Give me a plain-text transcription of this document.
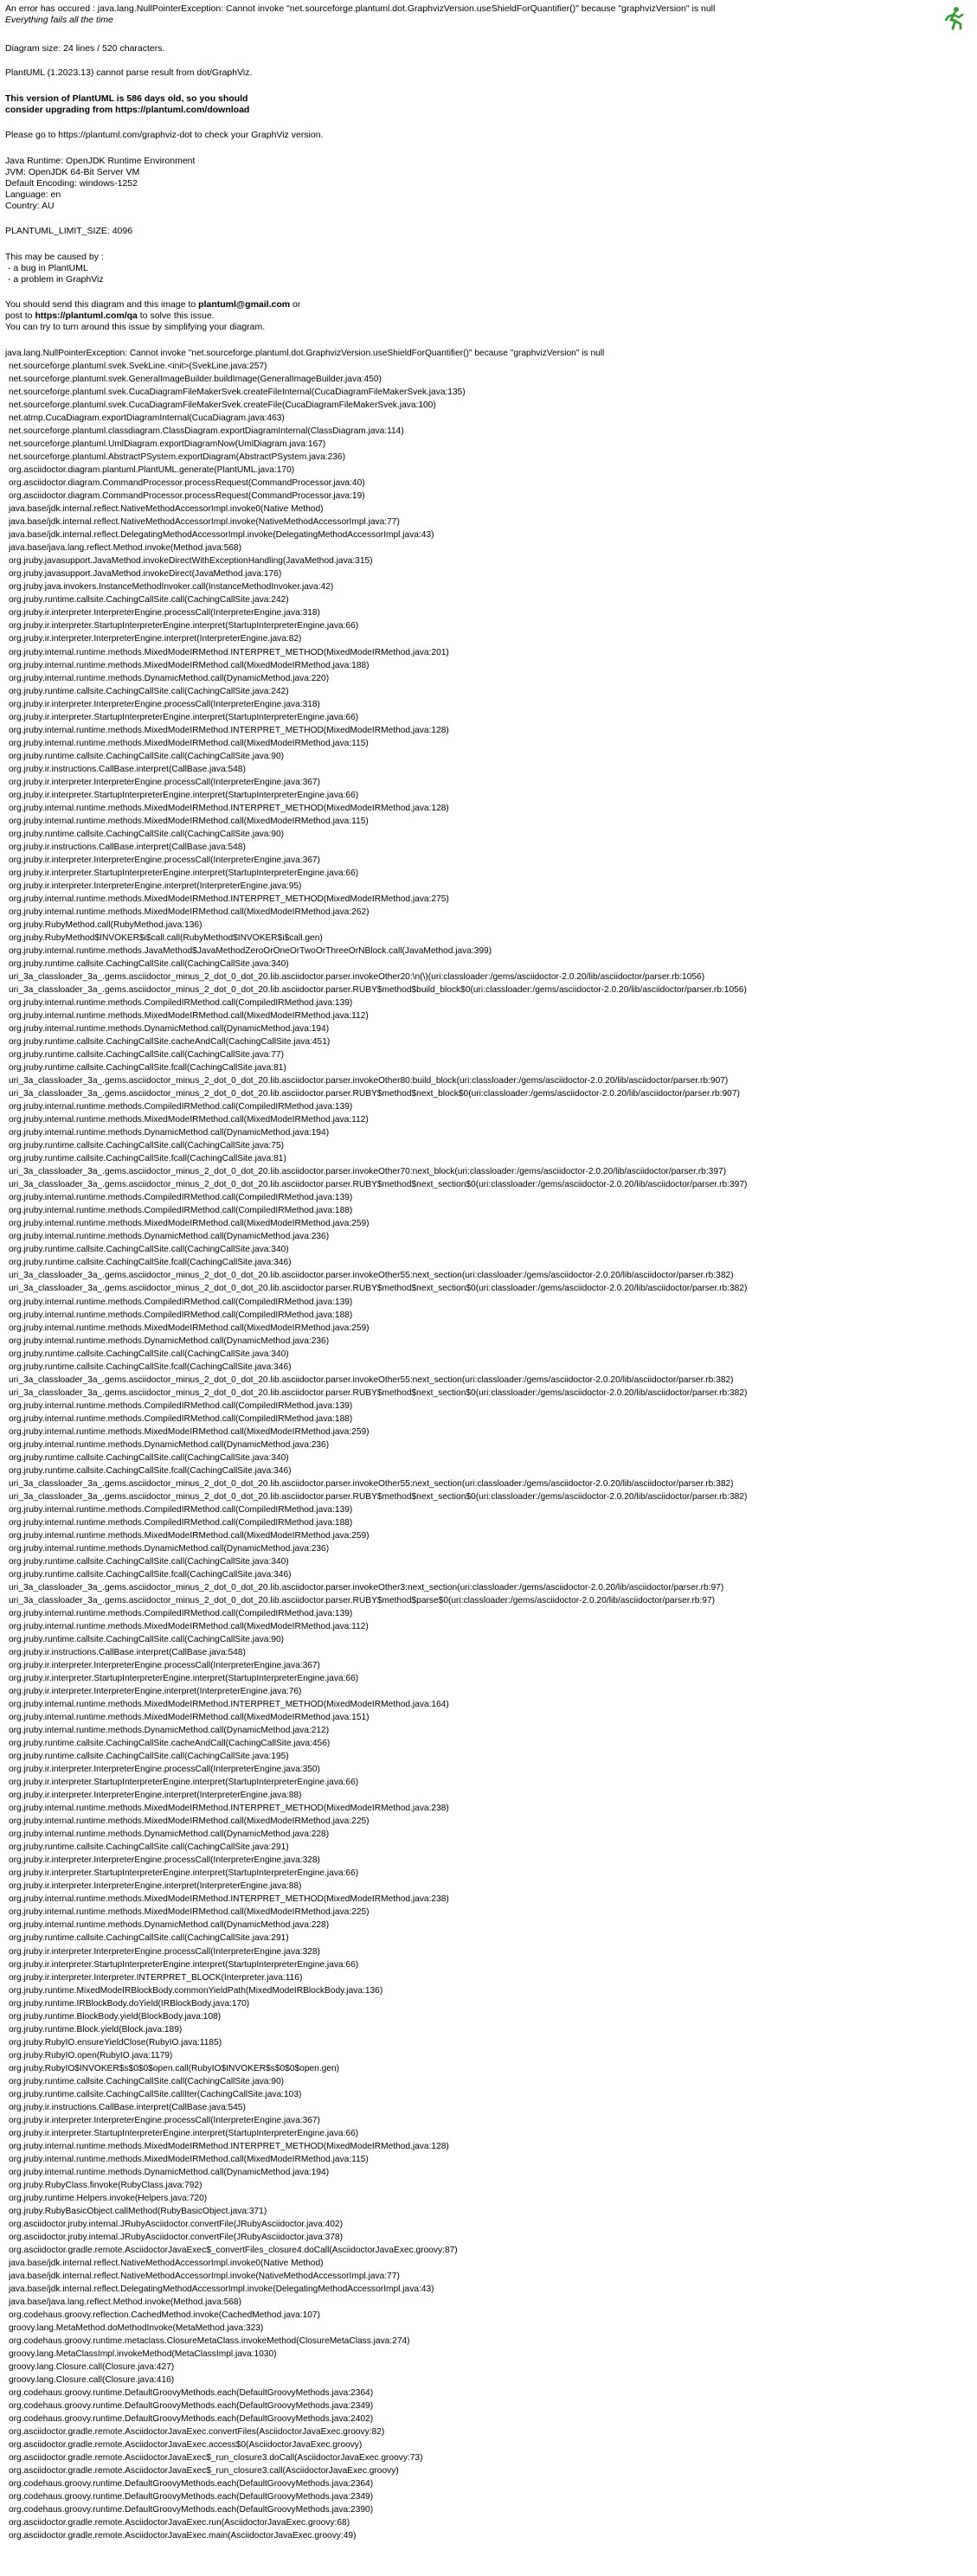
An error has occured : java.lang.NullPointerException: Cannot invoke "net.sourceforge.plantuml.dot.GraphvizVersion.useShieldForQuantifier()" because "graphvizVersion" is null
Everything fails all the time
Diagram size: 24 lines / 520 characters.
PlantUML (1.2023.13) cannot parse result from dot/GraphViz.
This version of PlantUML is 586 days old, so you should
consider upgrading from https://plantuml.com/download
Please go to https://plantuml.com/graphviz-dot to check your GraphViz version.
Java Runtime: OpenJDK Runtime Environment
JVM: OpenJDK 64-Bit Server VM
Default Encoding: windows-1252
Language: en
Country: AU
PLANTUML_LIMIT_SIZE: 4096
This may be caused by :
- a bug in PlantUML
- a problem in GraphViz
You should send this diagram and this image to plantuml@gmail.com or
post to https://plantuml.com/qa to solve this issue.
You can try to turn around this issue by simplifying your diagram.
java.lang.NullPointerException: Cannot invoke "net.sourceforge.plantuml.dot.GraphvizVersion.useShieldForQuantifier()" because "graphvizVersion" is null
net.sourceforge.plantuml.svek.SvekLine.<init>(SvekLine.java:257)
net.sourceforge.plantuml.svek.GeneralImageBuilder.buildImage(GeneralImageBuilder.java:450)
net.sourceforge.plantuml.svek.CucaDiagramFileMakerSvek.createFileInternal(CucaDiagramFileMakerSvek.java:135)
net.sourceforge.plantuml.svek.CucaDiagramFileMakerSvek.createFile(CucaDiagramFileMakerSvek.java:100)
net.atmp.CucaDiagram.exportDiagramInternal(CucaDiagram.java:463)
net.sourceforge.plantuml.classdiagram.ClassDiagram.exportDiagramInternal(ClassDiagram.java:114)
net.sourceforge.plantuml.UmlDiagram.exportDiagramNow(UmlDiagram.java:167)
net.sourceforge.plantuml.AbstractPSystem.exportDiagram(AbstractPSystem.java:236)
org.asciidoctor.diagram.plantuml.PlantUML.generate(PlantUML.java:170)
org.asciidoctor.diagram.CommandProcessor.processRequest(CommandProcessor.java:40)
org.asciidoctor.diagram.CommandProcessor.processRequest(CommandProcessor.java:19)
java.base/jdk.internal.reflect.NativeMethodAccessorImpl.invoke0(Native Method)
java.base/jdk.internal.reflect.NativeMethodAccessorImpl.invoke(NativeMethodAccessorImpl.java:77)
java.base/jdk.internal.reflect.DelegatingMethodAccessorImpl.invoke(DelegatingMethodAccessorImpl.java:43)
java.base/java.lang.reflect.Method.invoke(Method.java:568)
org.jruby.javasupport.JavaMethod.invokeDirectWithExceptionHandling(JavaMethod.java:315)
org.jruby.javasupport.JavaMethod.invokeDirect(JavaMethod.java:176)
org.jruby.java.invokers.InstanceMethodInvoker.call(InstanceMethodInvoker.java:42)
org.jruby.runtime.callsite.CachingCallSite.call(CachingCallSite.java:242)
org.jruby.ir.interpreter.InterpreterEngine.processCall(InterpreterEngine.java:318)
org.jruby.ir.interpreter.StartupInterpreterEngine.interpret(StartupInterpreterEngine.java:66)
org.jruby.ir.interpreter.InterpreterEngine.interpret(InterpreterEngine.java:82)
org.jruby.internal.runtime.methods.MixedModeIRMethod.INTERPRET_METHOD(MixedModeIRMethod.java:201)
org.jruby.internal.runtime.methods.MixedModeIRMethod.call(MixedModeIRMethod.java:188)
org.jruby.internal.runtime.methods.DynamicMethod.call(DynamicMethod.java:220)
org.jruby.runtime.callsite.CachingCallSite.call(CachingCallSite.java:242)
org.jruby.ir.interpreter.InterpreterEngine.processCall(InterpreterEngine.java:318)
org.jruby.ir.interpreter.StartupInterpreterEngine.interpret(StartupInterpreterEngine.java:66)
org.jruby.internal.runtime.methods.MixedModeIRMethod.INTERPRET_METHOD(MixedModeIRMethod.java:128)
org.jruby.internal.runtime.methods.MixedModeIRMethod.call(MixedModeIRMethod.java:115)
org.jruby.runtime.callsite.CachingCallSite.call(CachingCallSite.java:90)
org.jruby.ir.instructions.CallBase.interpret(CallBase.java:548)
org.jruby.ir.interpreter.InterpreterEngine.processCall(InterpreterEngine.java:367)
org.jruby.ir.interpreter.StartupInterpreterEngine.interpret(StartupInterpreterEngine.java:66)
org.jruby.internal.runtime.methods.MixedModeIRMethod.INTERPRET_METHOD(MixedModeIRMethod.java:128)
org.jruby.internal.runtime.methods.MixedModeIRMethod.call(MixedModeIRMethod.java:115)
org.jruby.runtime.callsite.CachingCallSite.call(CachingCallSite.java:90)
org.jruby.ir.instructions.CallBase.interpret(CallBase.java:548)
org.jruby.ir.interpreter.InterpreterEngine.processCall(InterpreterEngine.java:367)
org.jruby.ir.interpreter.StartupInterpreterEngine.interpret(StartupInterpreterEngine.java:66)
org.jruby.ir.interpreter.InterpreterEngine.interpret(InterpreterEngine.java:95)
org.jruby.internal.runtime.methods.MixedModeIRMethod.INTERPRET_METHOD(MixedModeIRMethod.java:275)
org.jruby.internal.runtime.methods.MixedModeIRMethod.call(MixedModeIRMethod.java:262)
org.jruby.RubyMethod.call(RubyMethod.java:136)
org.jruby.RubyMethod$INVOKER$i$call.call(RubyMethod$INVOKER$i$call.gen)
org.jruby.internal.runtime.methods.JavaMethod$JavaMethodZeroOrOneOrTwoOrThreeOrNBlock.call(JavaMethod.java:399)
org.jruby.runtime.callsite.CachingCallSite.call(CachingCallSite.java:340)
uri_3a_classloader_3a_.gems.asciidoctor_minus_2_dot_0_dot_20.lib.asciidoctor.parser.invokeOther20:\n(\)(uri:classloader:/gems/asciidoctor-2.0.20/lib/asciidoctor/parser.rb:1056)
uri_3a_classloader_3a_.gems.asciidoctor_minus_2_dot_0_dot_20.lib.asciidoctor.parser.RUBY$method$build_block$0(uri:classloader:/gems/asciidoctor-2.0.20/lib/asciidoctor/parser.rb:1056)
org.jruby.internal.runtime.methods.CompiledIRMethod.call(CompiledIRMethod.java:139)
org.jruby.internal.runtime.methods.MixedModeIRMethod.call(MixedModeIRMethod.java:112)
org.jruby.internal.runtime.methods.DynamicMethod.call(DynamicMethod.java:194)
org.jruby.runtime.callsite.CachingCallSite.cacheAndCall(CachingCallSite.java:451)
org.jruby.runtime.callsite.CachingCallSite.call(CachingCallSite.java:77)
org.jruby.runtime.callsite.CachingCallSite.fcall(CachingCallSite.java:81)
uri_3a_classloader_3a_.gems.asciidoctor_minus_2_dot_0_dot_20.lib.asciidoctor.parser.invokeOther80:build_block(uri:classloader:/gems/asciidoctor-2.0.20/lib/asciidoctor/parser.rb:907)
uri_3a_classloader_3a_.gems.asciidoctor_minus_2_dot_0_dot_20.lib.asciidoctor.parser.RUBY$method$next_block$0(uri:classloader:/gems/asciidoctor-2.0.20/lib/asciidoctor/parser.rb:907)
org.jruby.internal.runtime.methods.CompiledIRMethod.call(CompiledIRMethod.java:139)
org.jruby.internal.runtime.methods.MixedModeIRMethod.call(MixedModeIRMethod.java:112)
org.jruby.internal.runtime.methods.DynamicMethod.call(DynamicMethod.java:194)
org.jruby.runtime.callsite.CachingCallSite.call(CachingCallSite.java:75)
org.jruby.runtime.callsite.CachingCallSite.fcall(CachingCallSite.java:81)
uri_3a_classloader_3a_.gems.asciidoctor_minus_2_dot_0_dot_20.lib.asciidoctor.parser.invokeOther70:next_block(uri:classloader:/gems/asciidoctor-2.0.20/lib/asciidoctor/parser.rb:397)
uri_3a_classloader_3a_.gems.asciidoctor_minus_2_dot_0_dot_20.lib.asciidoctor.parser.RUBY$method$next_section$0(uri:classloader:/gems/asciidoctor-2.0.20/lib/asciidoctor/parser.rb:397)
org.jruby.internal.runtime.methods.CompiledIRMethod.call(CompiledIRMethod.java:139)
org.jruby.internal.runtime.methods.CompiledIRMethod.call(CompiledIRMethod.java:188)
org.jruby.internal.runtime.methods.MixedModeIRMethod.call(MixedModeIRMethod.java:259)
org.jruby.internal.runtime.methods.DynamicMethod.call(DynamicMethod.java:236)
org.jruby.runtime.callsite.CachingCallSite.call(CachingCallSite.java:340)
org.jruby.runtime.callsite.CachingCallSite.fcall(CachingCallSite.java:346)
uri_3a_classloader_3a_.gems.asciidoctor_minus_2_dot_0_dot_20.lib.asciidoctor.parser.invokeOther55:next_section(uri:classloader:/gems/asciidoctor-2.0.20/lib/asciidoctor/parser.rb:382)
uri_3a_classloader_3a_.gems.asciidoctor_minus_2_dot_0_dot_20.lib.asciidoctor.parser.RUBY$method$next_section$0(uri:classloader:/gems/asciidoctor-2.0.20/lib/asciidoctor/parser.rb:382)
org.jruby.internal.runtime.methods.CompiledIRMethod.call(CompiledIRMethod.java:139)
org.jruby.internal.runtime.methods.CompiledIRMethod.call(CompiledIRMethod.java:188)
org.jruby.internal.runtime.methods.MixedModeIRMethod.call(MixedModeIRMethod.java:259)
org.jruby.internal.runtime.methods.DynamicMethod.call(DynamicMethod.java:236)
org.jruby.runtime.callsite.CachingCallSite.call(CachingCallSite.java:340)
org.jruby.runtime.callsite.CachingCallSite.fcall(CachingCallSite.java:346)
uri_3a_classloader_3a_.gems.asciidoctor_minus_2_dot_0_dot_20.lib.asciidoctor.parser.invokeOther55:next_section(uri:classloader:/gems/asciidoctor-2.0.20/lib/asciidoctor/parser.rb:382)
uri_3a_classloader_3a_.gems.asciidoctor_minus_2_dot_0_dot_20.lib.asciidoctor.parser.RUBY$method$next_section$0(uri:classloader:/gems/asciidoctor-2.0.20/lib/asciidoctor/parser.rb:382)
org.jruby.internal.runtime.methods.CompiledIRMethod.call(CompiledIRMethod.java:139)
org.jruby.internal.runtime.methods.CompiledIRMethod.call(CompiledIRMethod.java:188)
org.jruby.internal.runtime.methods.MixedModeIRMethod.call(MixedModeIRMethod.java:259)
org.jruby.internal.runtime.methods.DynamicMethod.call(DynamicMethod.java:236)
org.jruby.runtime.callsite.CachingCallSite.call(CachingCallSite.java:340)
org.jruby.runtime.callsite.CachingCallSite.fcall(CachingCallSite.java:346)
uri_3a_classloader_3a_.gems.asciidoctor_minus_2_dot_0_dot_20.lib.asciidoctor.parser.invokeOther55:next_section(uri:classloader:/gems/asciidoctor-2.0.20/lib/asciidoctor/parser.rb:382)
uri_3a_classloader_3a_.gems.asciidoctor_minus_2_dot_0_dot_20.lib.asciidoctor.parser.RUBY$method$next_section$0(uri:classloader:/gems/asciidoctor-2.0.20/lib/asciidoctor/parser.rb:382)
org.jruby.internal.runtime.methods.CompiledIRMethod.call(CompiledIRMethod.java:139)
org.jruby.internal.runtime.methods.CompiledIRMethod.call(CompiledIRMethod.java:188)
org.jruby.internal.runtime.methods.MixedModeIRMethod.call(MixedModeIRMethod.java:259)
org.jruby.internal.runtime.methods.DynamicMethod.call(DynamicMethod.java:236)
org.jruby.runtime.callsite.CachingCallSite.call(CachingCallSite.java:340)
org.jruby.runtime.callsite.CachingCallSite.fcall(CachingCallSite.java:346)
uri_3a_classloader_3a_.gems.asciidoctor_minus_2_dot_0_dot_20.lib.asciidoctor.parser.invokeOther3:next_section(uri:classloader:/gems/asciidoctor-2.0.20/lib/asciidoctor/parser.rb:97)
uri_3a_classloader_3a_.gems.asciidoctor_minus_2_dot_0_dot_20.lib.asciidoctor.parser.RUBY$method$parse$0(uri:classloader:/gems/asciidoctor-2.0.20/lib/asciidoctor/parser.rb:97)
org.jruby.internal.runtime.methods.CompiledIRMethod.call(CompiledIRMethod.java:139)
org.jruby.internal.runtime.methods.MixedModeIRMethod.call(MixedModeIRMethod.java:112)
org.jruby.runtime.callsite.CachingCallSite.call(CachingCallSite.java:90)
org.jruby.ir.instructions.CallBase.interpret(CallBase.java:548)
org.jruby.ir.interpreter.InterpreterEngine.processCall(InterpreterEngine.java:367)
org.jruby.ir.interpreter.StartupInterpreterEngine.interpret(StartupInterpreterEngine.java:66)
org.jruby.ir.interpreter.InterpreterEngine.interpret(InterpreterEngine.java:76)
org.jruby.internal.runtime.methods.MixedModeIRMethod.INTERPRET_METHOD(MixedModeIRMethod.java:164)
org.jruby.internal.runtime.methods.MixedModeIRMethod.call(MixedModeIRMethod.java:151)
org.jruby.internal.runtime.methods.DynamicMethod.call(DynamicMethod.java:212)
org.jruby.runtime.callsite.CachingCallSite.cacheAndCall(CachingCallSite.java:456)
org.jruby.runtime.callsite.CachingCallSite.call(CachingCallSite.java:195)
org.jruby.ir.interpreter.InterpreterEngine.processCall(InterpreterEngine.java:350)
org.jruby.ir.interpreter.StartupInterpreterEngine.interpret(StartupInterpreterEngine.java:66)
org.jruby.ir.interpreter.InterpreterEngine.interpret(InterpreterEngine.java:88)
org.jruby.internal.runtime.methods.MixedModeIRMethod.INTERPRET_METHOD(MixedModeIRMethod.java:238)
org.jruby.internal.runtime.methods.MixedModeIRMethod.call(MixedModeIRMethod.java:225)
org.jruby.internal.runtime.methods.DynamicMethod.call(DynamicMethod.java:228)
org.jruby.runtime.callsite.CachingCallSite.call(CachingCallSite.java:291)
org.jruby.ir.interpreter.InterpreterEngine.processCall(InterpreterEngine.java:328)
org.jruby.ir.interpreter.StartupInterpreterEngine.interpret(StartupInterpreterEngine.java:66)
org.jruby.ir.interpreter.InterpreterEngine.interpret(InterpreterEngine.java:88)
org.jruby.internal.runtime.methods.MixedModeIRMethod.INTERPRET_METHOD(MixedModeIRMethod.java:238)
org.jruby.internal.runtime.methods.MixedModeIRMethod.call(MixedModeIRMethod.java:225)
org.jruby.internal.runtime.methods.DynamicMethod.call(DynamicMethod.java:228)
org.jruby.runtime.callsite.CachingCallSite.call(CachingCallSite.java:291)
org.jruby.ir.interpreter.InterpreterEngine.processCall(InterpreterEngine.java:328)
org.jruby.ir.interpreter.StartupInterpreterEngine.interpret(StartupInterpreterEngine.java:66)
org.jruby.ir.interpreter.Interpreter.INTERPRET_BLOCK(Interpreter.java:116)
org.jruby.runtime.MixedModeIRBlockBody.commonYieldPath(MixedModeIRBlockBody.java:136)
org.jruby.runtime.IRBlockBody.doYield(IRBlockBody.java:170)
org.jruby.runtime.BlockBody.yield(BlockBody.java:108)
org.jruby.runtime.Block.yield(Block.java:189)
org.jruby.RubyIO.ensureYieldClose(RubyIO.java:1185)
org.jruby.RubyIO.open(RubyIO.java:1179)
org.jruby.RubyIO$INVOKER$s$0$0$open.call(RubyIO$INVOKER$s$0$0$open.gen)
org.jruby.runtime.callsite.CachingCallSite.call(CachingCallSite.java:90)
org.jruby.runtime.callsite.CachingCallSite.callIter(CachingCallSite.java:103)
org.jruby.ir.instructions.CallBase.interpret(CallBase.java:545)
org.jruby.ir.interpreter.InterpreterEngine.processCall(InterpreterEngine.java:367)
org.jruby.ir.interpreter.StartupInterpreterEngine.interpret(StartupInterpreterEngine.java:66)
org.jruby.internal.runtime.methods.MixedModeIRMethod.INTERPRET_METHOD(MixedModeIRMethod.java:128)
org.jruby.internal.runtime.methods.MixedModeIRMethod.call(MixedModeIRMethod.java:115)
org.jruby.internal.runtime.methods.DynamicMethod.call(DynamicMethod.java:194)
org.jruby.RubyClass.finvoke(RubyClass.java:792)
org.jruby.runtime.Helpers.invoke(Helpers.java:720)
org.jruby.RubyBasicObject.callMethod(RubyBasicObject.java:371)
org.asciidoctor.jruby.internal.JRubyAsciidoctor.convertFile(JRubyAsciidoctor.java:402)
org.asciidoctor.jruby.internal.JRubyAsciidoctor.convertFile(JRubyAsciidoctor.java:378)
org.asciidoctor.gradle.remote.AsciidoctorJavaExec$_convertFiles_closure4.doCall(AsciidoctorJavaExec.groovy:87)
java.base/jdk.internal.reflect.NativeMethodAccessorImpl.invoke0(Native Method)
java.base/jdk.internal.reflect.NativeMethodAccessorImpl.invoke(NativeMethodAccessorImpl.java:77)
java.base/jdk.internal.reflect.DelegatingMethodAccessorImpl.invoke(DelegatingMethodAccessorImpl.java:43)
java.base/java.lang.reflect.Method.invoke(Method.java:568)
org.codehaus.groovy.reflection.CachedMethod.invoke(CachedMethod.java:107)
groovy.lang.MetaMethod.doMethodInvoke(MetaMethod.java:323)
org.codehaus.groovy.runtime.metaclass.ClosureMetaClass.invokeMethod(ClosureMetaClass.java:274)
groovy.lang.MetaClassImpl.invokeMethod(MetaClassImpl.java:1030)
groovy.lang.Closure.call(Closure.java:427)
groovy.lang.Closure.call(Closure.java:416)
org.codehaus.groovy.runtime.DefaultGroovyMethods.each(DefaultGroovyMethods.java:2364)
org.codehaus.groovy.runtime.DefaultGroovyMethods.each(DefaultGroovyMethods.java:2349)
org.codehaus.groovy.runtime.DefaultGroovyMethods.each(DefaultGroovyMethods.java:2402)
org.asciidoctor.gradle.remote.AsciidoctorJavaExec.convertFiles(AsciidoctorJavaExec.groovy:82)
org.asciidoctor.gradle.remote.AsciidoctorJavaExec.access$0(AsciidoctorJavaExec.groovy)
org.asciidoctor.gradle.remote.AsciidoctorJavaExec$_run_closure3.doCall(AsciidoctorJavaExec.groovy:73)
org.asciidoctor.gradle.remote.AsciidoctorJavaExec$_run_closure3.call(AsciidoctorJavaExec.groovy)
org.codehaus.groovy.runtime.DefaultGroovyMethods.each(DefaultGroovyMethods.java:2364)
org.codehaus.groovy.runtime.DefaultGroovyMethods.each(DefaultGroovyMethods.java:2349)
org.codehaus.groovy.runtime.DefaultGroovyMethods.each(DefaultGroovyMethods.java:2390)
org.asciidoctor.gradle.remote.AsciidoctorJavaExec.run(AsciidoctorJavaExec.groovy:68)
org.asciidoctor.gradle.remote.AsciidoctorJavaExec.main(AsciidoctorJavaExec.groovy:49)
